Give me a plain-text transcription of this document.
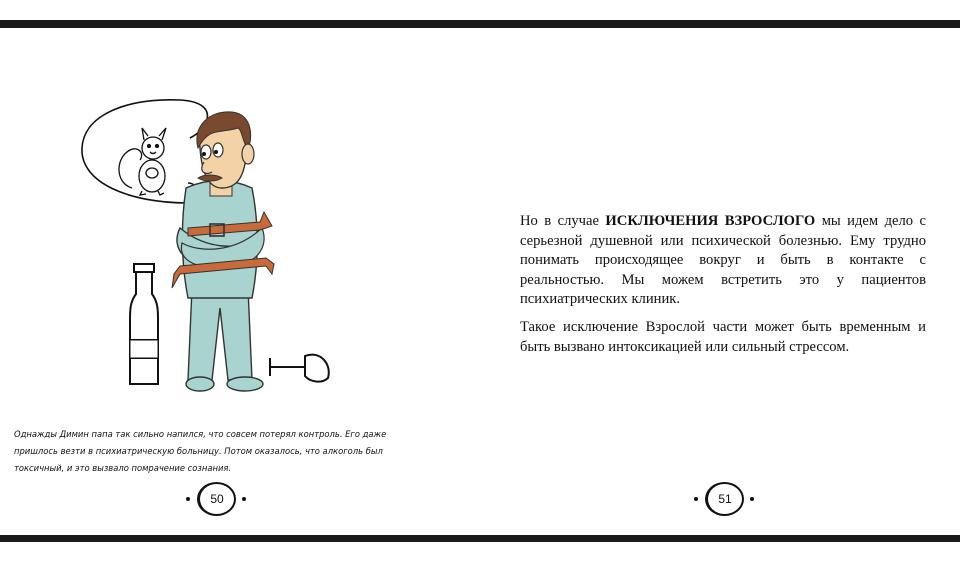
Однажды Димин папа так сильно напился, что совсем потерял контроль. Его даже пришлось везти в психиатрическую больницу. Потом оказалось, что алкоголь был токсичный, и это вызвало помрачение сознания.
50

Но в случае ИСКЛЮЧЕНИЯ ВЗРОСЛОГО мы идем дело с серьезной душевной или психической болезнью. Ему трудно понимать происходящее вокруг и быть в контакте с реальностью. Мы можем встретить это у пациентов психиатрических клиник.

Такое исключение Взрослой части может быть временным и быть вызвано интоксикацией или сильный стрессом.

51
